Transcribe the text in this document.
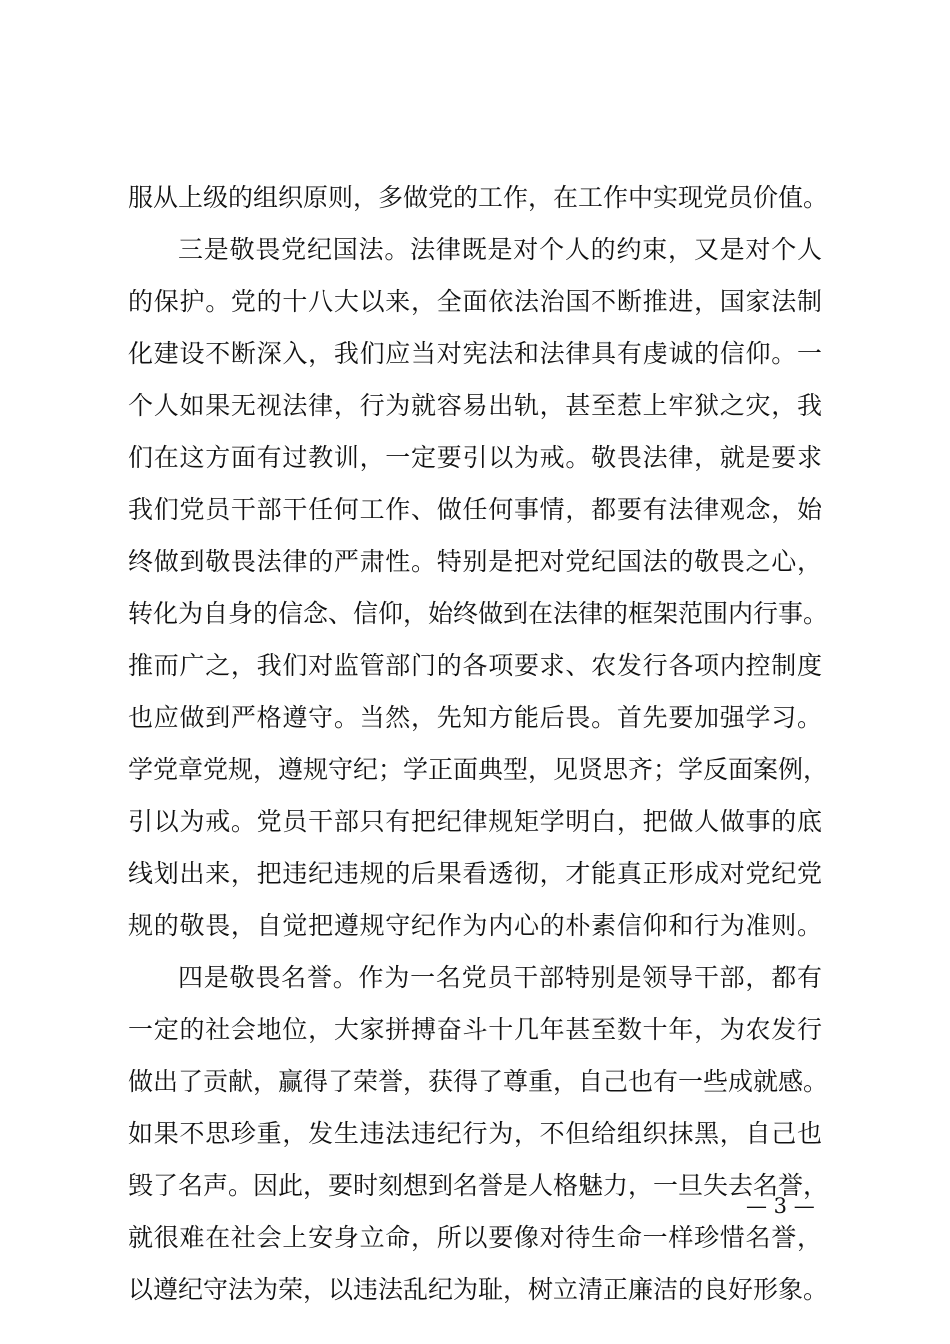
服从上级的组织原则，多做党的工作，在工作中实现党员价值。
三是敬畏党纪国法。法律既是对个人的约束，又是对个人
的保护。党的十八大以来，全面依法治国不断推进，国家法制
化建设不断深入，我们应当对宪法和法律具有虔诚的信仰。一
个人如果无视法律，行为就容易出轨，甚至惹上牢狱之灾，我
们在这方面有过教训，一定要引以为戒。敬畏法律，就是要求
我们党员干部干任何工作、做任何事情，都要有法律观念，始
终做到敬畏法律的严肃性。特别是把对党纪国法的敬畏之心，
转化为自身的信念、信仰，始终做到在法律的框架范围内行事。
推而广之，我们对监管部门的各项要求、农发行各项内控制度
也应做到严格遵守。当然，先知方能后畏。首先要加强学习。
学党章党规，遵规守纪；学正面典型，见贤思齐；学反面案例，
引以为戒。党员干部只有把纪律规矩学明白，把做人做事的底
线划出来，把违纪违规的后果看透彻，才能真正形成对党纪党
规的敬畏，自觉把遵规守纪作为内心的朴素信仰和行为准则。
四是敬畏名誉。作为一名党员干部特别是领导干部，都有
一定的社会地位，大家拼搏奋斗十几年甚至数十年，为农发行
做出了贡献，赢得了荣誉，获得了尊重，自己也有一些成就感。
如果不思珍重，发生违法违纪行为，不但给组织抹黑，自己也
毁了名声。因此，要时刻想到名誉是人格魅力，一旦失去名誉，
就很难在社会上安身立命，所以要像对待生命一样珍惜名誉，
以遵纪守法为荣，以违法乱纪为耻，树立清正廉洁的良好形象。
— 3 —
